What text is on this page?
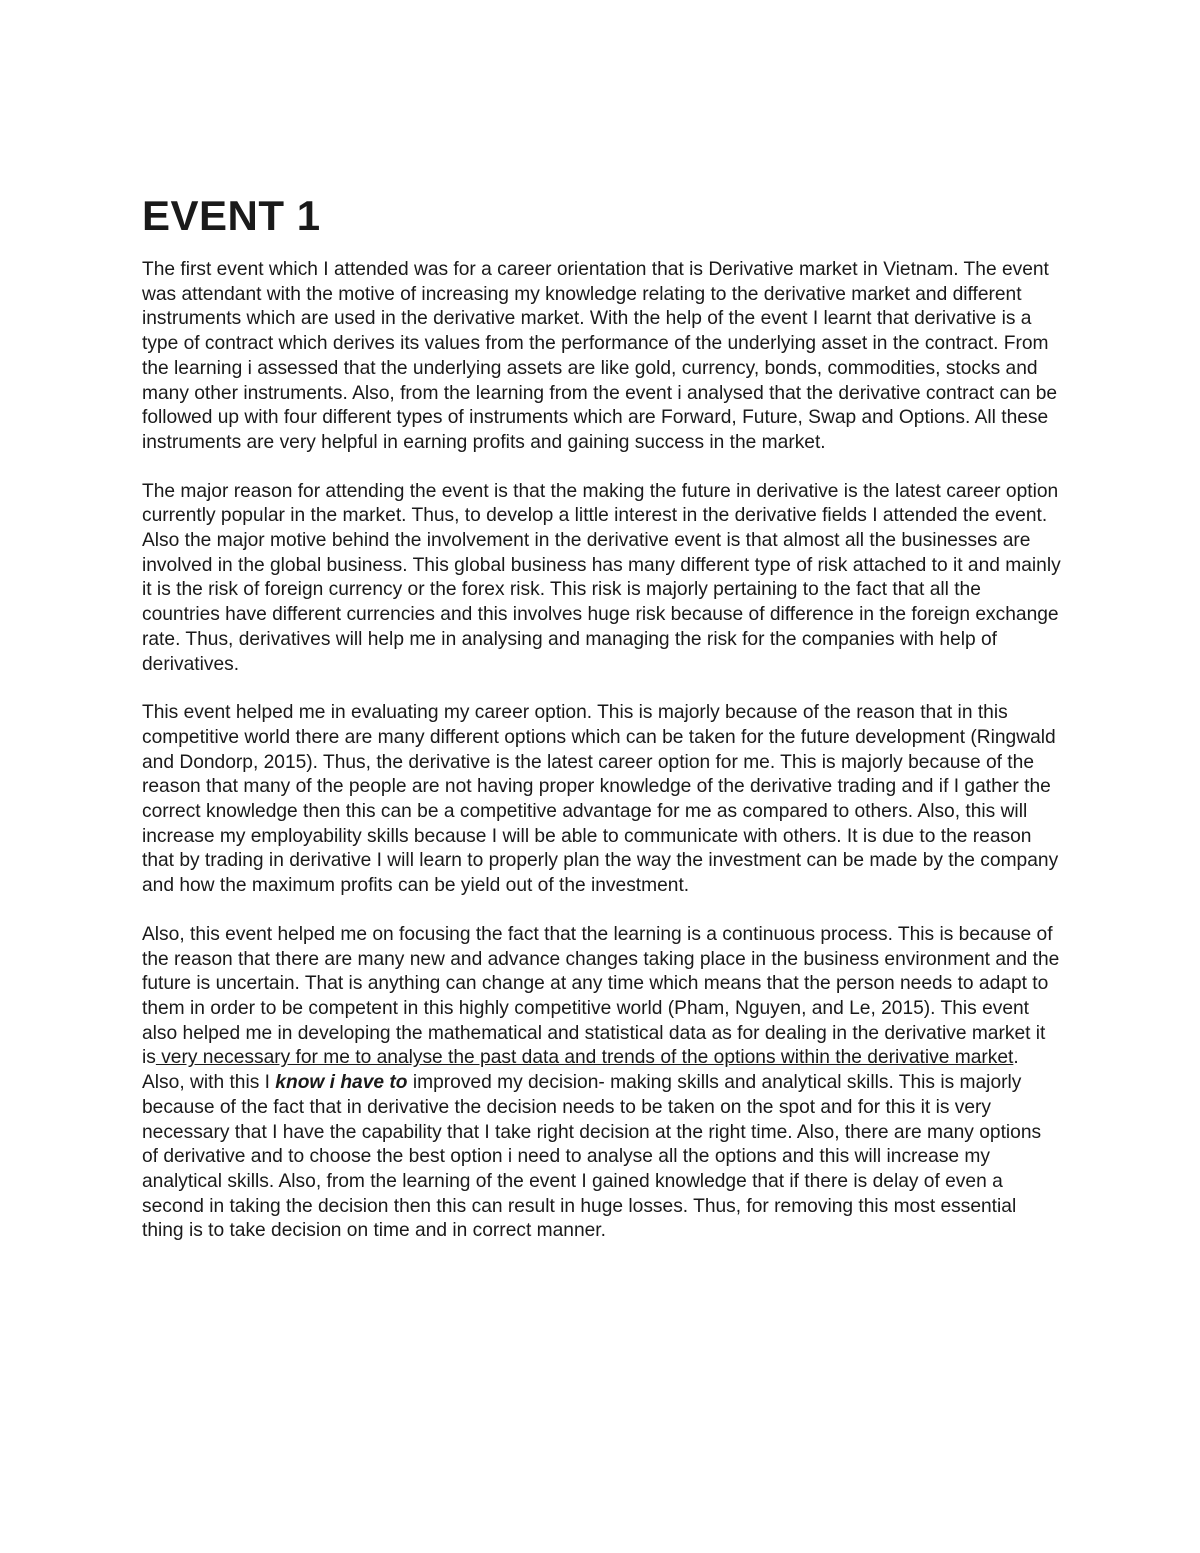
EVENT 1

The first event which I attended was for a career orientation that is Derivative market in Vietnam. The event was attendant with the motive of increasing my knowledge relating to the derivative market and different instruments which are used in the derivative market. With the help of the event I learnt that derivative is a type of contract which derives its values from the performance of the underlying asset in the contract. From the learning i assessed that the underlying assets are like gold, currency, bonds, commodities, stocks and many other instruments. Also, from the learning from the event i analysed that the derivative contract can be followed up with four different types of instruments which are Forward, Future, Swap and Options. All these instruments are very helpful in earning profits and gaining success in the market.

The major reason for attending the event is that the making the future in derivative is the latest career option currently popular in the market. Thus, to develop a little interest in the derivative fields I attended the event. Also the major motive behind the involvement in the derivative event is that almost all the businesses are involved in the global business. This global business has many different type of risk attached to it and mainly it is the risk of foreign currency or the forex risk. This risk is majorly pertaining to the fact that all the countries have different currencies and this involves huge risk because of difference in the foreign exchange rate. Thus, derivatives will help me in analysing and managing the risk for the companies with help of derivatives.

This event helped me in evaluating my career option. This is majorly because of the reason that in this competitive world there are many different options which can be taken for the future development (Ringwald and Dondorp, 2015). Thus, the derivative is the latest career option for me. This is majorly because of the reason that many of the people are not having proper knowledge of the derivative trading and if I gather the correct knowledge then this can be a competitive advantage for me as compared to others. Also, this will increase my employability skills because I will be able to communicate with others. It is due to the reason that by trading in derivative I will learn to properly plan the way the investment can be made by the company and how the maximum profits can be yield out of the investment.

Also, this event helped me on focusing the fact that the learning is a continuous process. This is because of the reason that there are many new and advance changes taking place in the business environment and the future is uncertain. That is anything can change at any time which means that the person needs to adapt to them in order to be competent in this highly competitive world (Pham, Nguyen, and Le, 2015). This event also helped me in developing the mathematical and statistical data as for dealing in the derivative market it is very necessary for me to analyse the past data and trends of the options within the derivative market. Also, with this I know i have to improved my decision- making skills and analytical skills. This is majorly because of the fact that in derivative the decision needs to be taken on the spot and for this it is very necessary that I have the capability that I take right decision at the right time. Also, there are many options of derivative and to choose the best option i need to analyse all the options and this will increase my analytical skills. Also, from the learning of the event I gained knowledge that if there is delay of even a second in taking the decision then this can result in huge losses. Thus, for removing this most essential thing is to take decision on time and in correct manner.
